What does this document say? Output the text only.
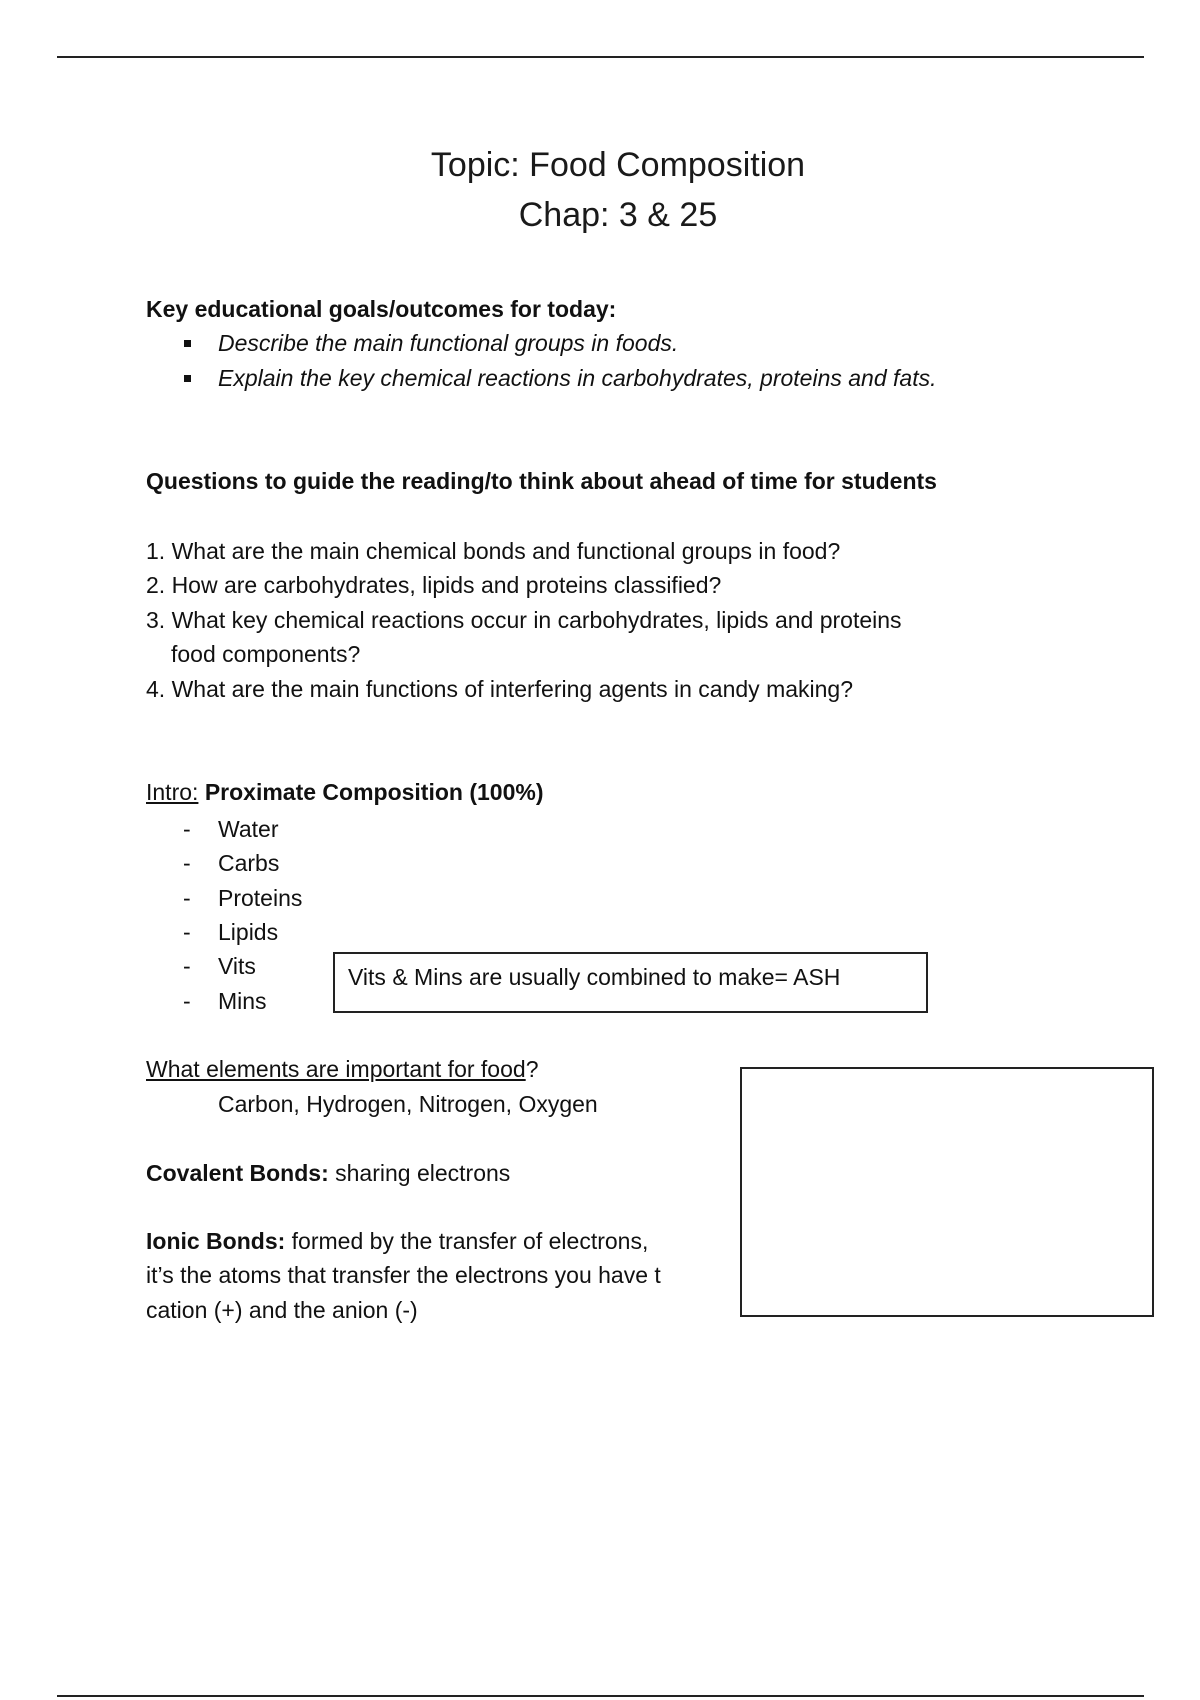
Topic: Food Composition
Chap: 3 & 25
Key educational goals/outcomes for today:
Describe the main functional groups in foods.
Explain the key chemical reactions in carbohydrates, proteins and fats.
Questions to guide the reading/to think about ahead of time for students
1. What are the main chemical bonds and functional groups in food?
2. How are carbohydrates, lipids and proteins classified?
3. What key chemical reactions occur in carbohydrates, lipids and proteins
food components?
4. What are the main functions of interfering agents in candy making?
Intro: Proximate Composition (100%)
- Water
- Carbs
- Proteins
- Lipids
- Vits
- Mins
Vits & Mins are usually combined to make= ASH
What elements are important for food?
Carbon, Hydrogen, Nitrogen, Oxygen
Covalent Bonds: sharing electrons
Ionic Bonds: formed by the transfer of electrons,
it’s the atoms that transfer the electrons you have t
cation (+) and the anion (-)
